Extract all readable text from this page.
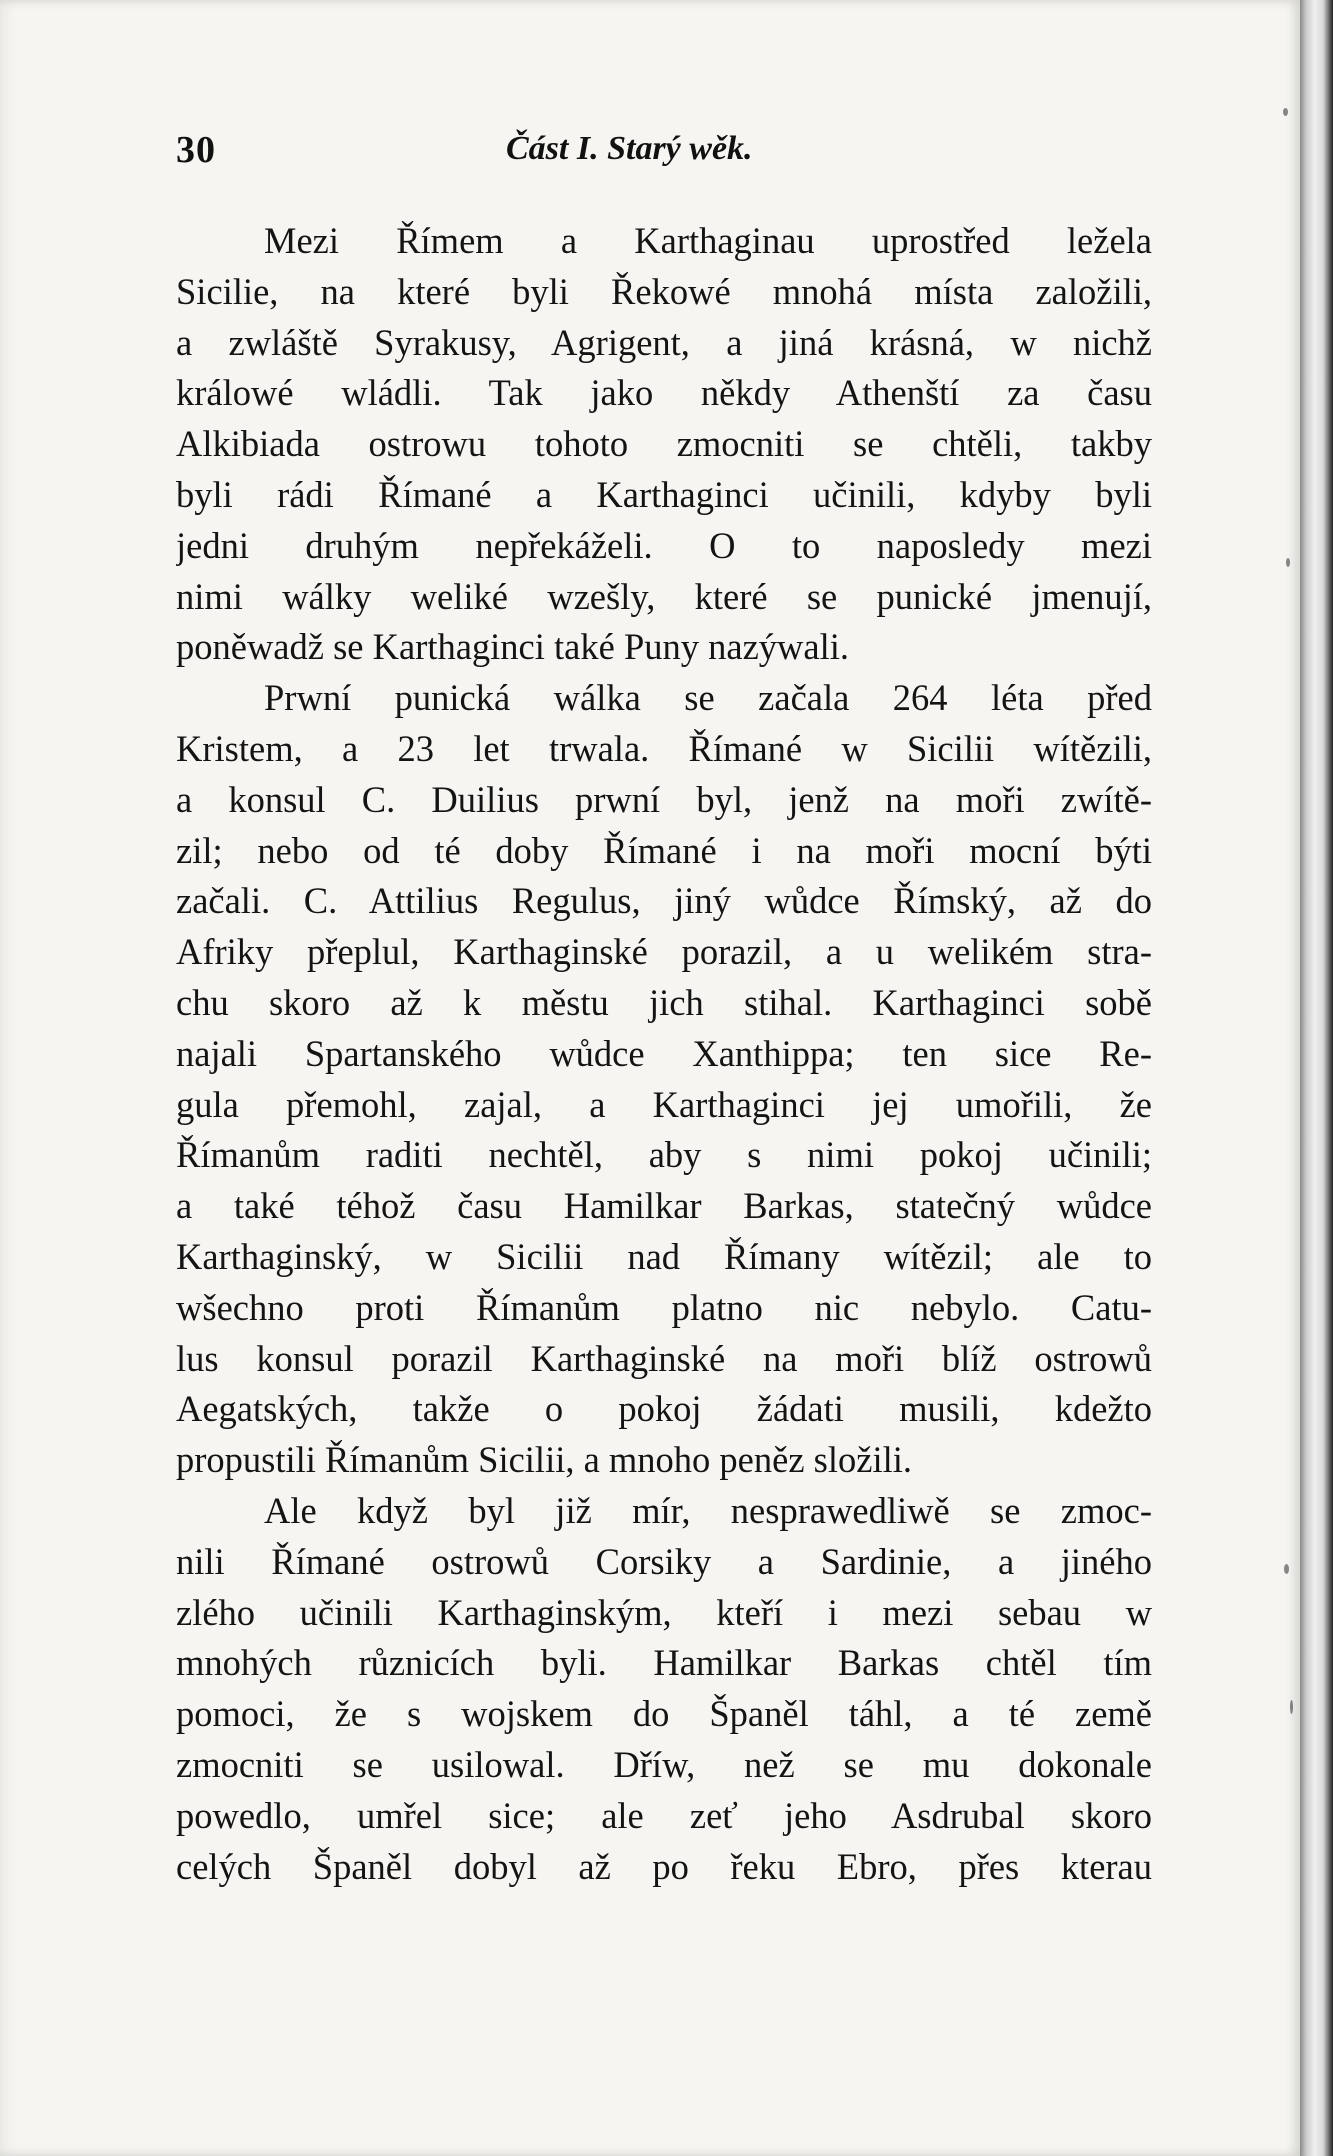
30	Část I. Starý wěk.
Mezi Římem a Karthaginau uprostřed ležela
Sicilie, na které byli Řekowé mnohá místa založili,
a zwláště Syrakusy, Agrigent, a jiná krásná, w nichž
králowé wládli. Tak jako někdy Athenští za času
Alkibiada ostrowu tohoto zmocniti se chtěli, takby
byli rádi Římané a Karthaginci učinili, kdyby byli
jedni druhým nepřekáželi. O to naposledy mezi
nimi wálky weliké wzešly, které se punické jmenují,
poněwadž se Karthaginci také Puny nazýwali.
Prwní punická wálka se začala 264 léta před
Kristem, a 23 let trwala. Římané w Sicilii wítězili,
a konsul C. Duilius prwní byl, jenž na moři zwítě-
zil; nebo od té doby Římané i na moři mocní býti
začali. C. Attilius Regulus, jiný wůdce Římský, až do
Afriky přeplul, Karthaginské porazil, a u welikém stra-
chu skoro až k městu jich stihal. Karthaginci sobě
najali Spartanského wůdce Xanthippa; ten sice Re-
gula přemohl, zajal, a Karthaginci jej umořili, že
Římanům raditi nechtěl, aby s nimi pokoj učinili;
a také téhož času Hamilkar Barkas, statečný wůdce
Karthaginský, w Sicilii nad Římany wítězil; ale to
wšechno proti Římanům platno nic nebylo. Catu-
lus konsul porazil Karthaginské na moři blíž ostrowů
Aegatských, takže o pokoj žádati musili, kdežto
propustili Římanům Sicilii, a mnoho peněz složili.
Ale když byl již mír, nesprawedliwě se zmoc-
nili Římané ostrowů Corsiky a Sardinie, a jiného
zlého učinili Karthaginským, kteří i mezi sebau w
mnohých různicích byli. Hamilkar Barkas chtěl tím
pomoci, že s wojskem do Španěl táhl, a té země
zmocniti se usilowal. Dříw, než se mu dokonale
powedlo, umřel sice; ale zeť jeho Asdrubal skoro
celých Španěl dobyl až po řeku Ebro, přes kterau
